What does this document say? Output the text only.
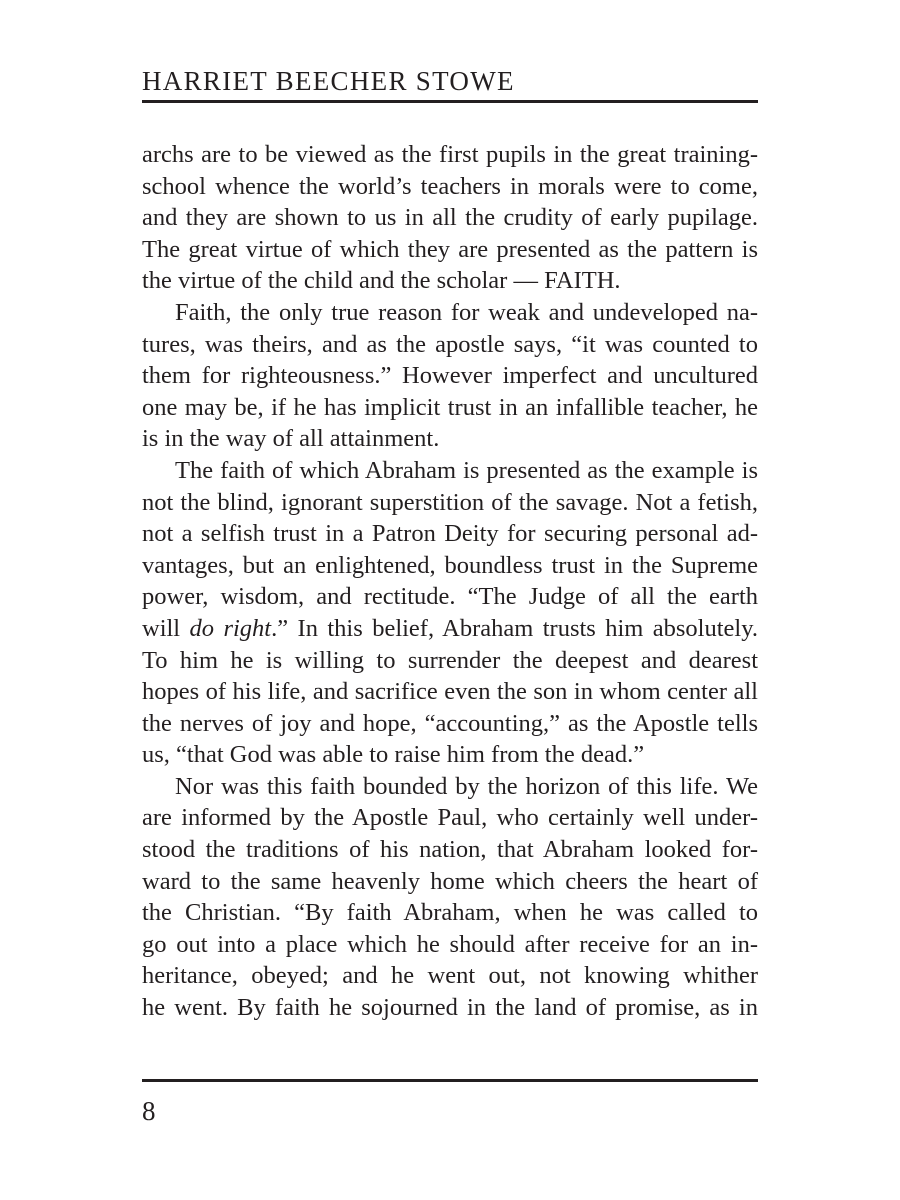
HARRIET BEECHER STOWE
archs are to be viewed as the first pupils in the great training-
school whence the world’s teachers in morals were to come,
and they are shown to us in all the crudity of early pupilage.
The great virtue of which they are presented as the pattern is
the virtue of the child and the scholar — FAITH.
Faith, the only true reason for weak and undeveloped na-
tures, was theirs, and as the apostle says, “it was counted to
them for righteousness.” However imperfect and uncultured
one may be, if he has implicit trust in an infallible teacher, he
is in the way of all attainment.
The faith of which Abraham is presented as the example is
not the blind, ignorant superstition of the savage. Not a fetish,
not a selfish trust in a Patron Deity for securing personal ad-
vantages, but an enlightened, boundless trust in the Supreme
power, wisdom, and rectitude. “The Judge of all the earth
will do right.” In this belief, Abraham trusts him absolutely.
To him he is willing to surrender the deepest and dearest
hopes of his life, and sacrifice even the son in whom center all
the nerves of joy and hope, “accounting,” as the Apostle tells
us, “that God was able to raise him from the dead.”
Nor was this faith bounded by the horizon of this life. We
are informed by the Apostle Paul, who certainly well under-
stood the traditions of his nation, that Abraham looked for-
ward to the same heavenly home which cheers the heart of
the Christian. “By faith Abraham, when he was called to
go out into a place which he should after receive for an in-
heritance, obeyed; and he went out, not knowing whither
he went. By faith he sojourned in the land of promise, as in
8
